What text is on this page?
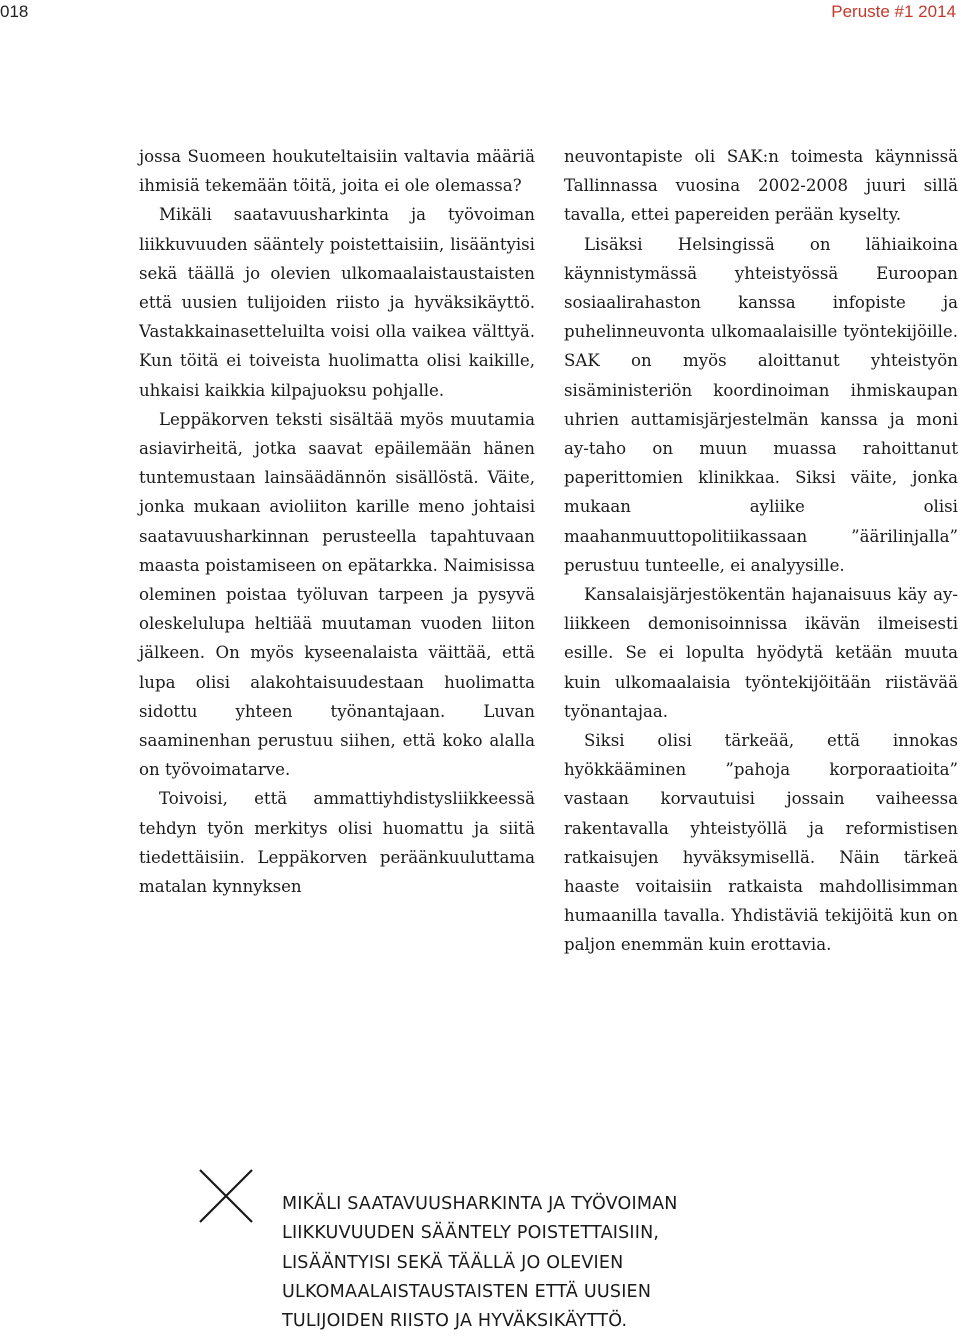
018	Peruste #1 2014

jossa Suomeen houkuteltaisiin valtavia määriä ihmisiä tekemään töitä, joita ei ole olemassa?

Mikäli saatavuusharkinta ja työvoiman liikkuvuuden sääntely poistettaisiin, lisääntyisi sekä täällä jo olevien ulkomaalaistaustaisten että uusien tulijoiden riisto ja hyväksikäyttö. Vastakkainasetteluilta voisi olla vaikea välttyä. Kun töitä ei toiveista huolimatta olisi kaikille, uhkaisi kaikkia kilpajuoksu pohjalle.

Leppäkorven teksti sisältää myös muutamia asiavirheitä, jotka saavat epäilemään hänen tuntemustaan lainsäädännön sisällöstä. Väite, jonka mukaan avioliiton karille meno johtaisi saatavuusharkinnan perusteella tapahtuvaan maasta poistamiseen on epätarkka. Naimisissa oleminen poistaa työluvan tarpeen ja pysyvä oleskelulupa heltiää muutaman vuoden liiton jälkeen. On myös kyseenalaista väittää, että lupa olisi alakohtaisuudestaan huolimatta sidottu yhteen työnantajaan. Luvan saaminenhan perustuu siihen, että koko alalla on työvoimatarve.

Toivoisi, että ammattiyhdistysliikkeessä tehdyn työn merkitys olisi huomattu ja siitä tiedettäisiin. Leppäkorven peräänkuuluttama matalan kynnyksen

neuvontapiste oli SAK:n toimesta käynnissä Tallinnassa vuosina 2002-2008 juuri sillä tavalla, ettei papereiden perään kyselty.

Lisäksi Helsingissä on lähiaikoina käynnistymässä yhteistyössä Euroopan sosiaalirahaston kanssa infopiste ja puhelinneuvonta ulkomaalaisille työntekijöille. SAK on myös aloittanut yhteistyön sisäministeriön koordinoiman ihmiskaupan uhrien auttamisjärjestelmän kanssa ja moni ay-taho on muun muassa rahoittanut paperittomien klinikkaa. Siksi väite, jonka mukaan ayliike olisi maahanmuuttopolitiikassaan ”äärilinjalla” perustuu tunteelle, ei analyysille.

Kansalaisjärjestökentän hajanaisuus käy ay-liikkeen demonisoinnissa ikävän ilmeisesti esille. Se ei lopulta hyödytä ketään muuta kuin ulkomaalaisia työntekijöitään riistävää työnantajaa.

Siksi olisi tärkeää, että innokas hyökkääminen ”pahoja korporaatioita” vastaan korvautuisi jossain vaiheessa rakentavalla yhteistyöllä ja reformistisen ratkaisujen hyväksymisellä. Näin tärkeä haaste voitaisiin ratkaista mahdollisimman humaanilla tavalla. Yhdistäviä tekijöitä kun on paljon enemmän kuin erottavia.

MIKÄLI SAATAVUUSHARKINTA JA TYÖVOIMAN
LIIKKUVUUDEN SÄÄNTELY POISTETTAISIIN,
LISÄÄNTYISI SEKÄ TÄÄLLÄ JO OLEVIEN
ULKOMAALAISTAUSTAISTEN ETTÄ UUSIEN
TULIJOIDEN RIISTO JA HYVÄKSIKÄYTTÖ.
